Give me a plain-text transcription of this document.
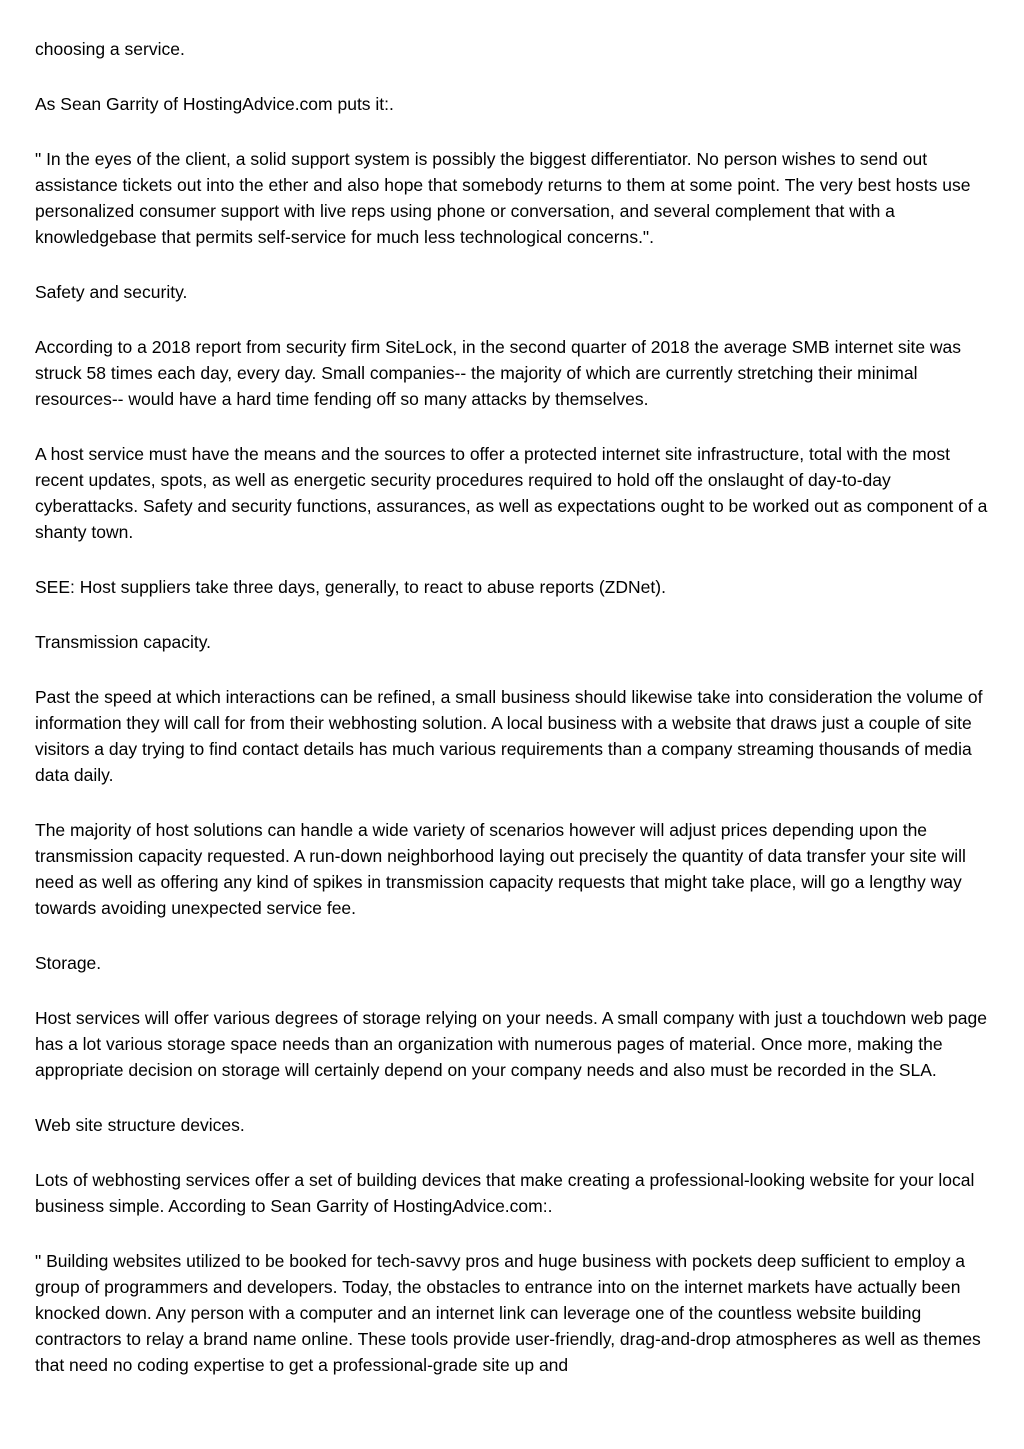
choosing a service.

As Sean Garrity of HostingAdvice.com puts it:.

" In the eyes of the client, a solid support system is possibly the biggest differentiator. No person wishes to send out assistance tickets out into the ether and also hope that somebody returns to them at some point. The very best hosts use personalized consumer support with live reps using phone or conversation, and several complement that with a knowledgebase that permits self-service for much less technological concerns.".

Safety and security.

According to a 2018 report from security firm SiteLock, in the second quarter of 2018 the average SMB internet site was struck 58 times each day, every day. Small companies-- the majority of which are currently stretching their minimal resources-- would have a hard time fending off so many attacks by themselves.

A host service must have the means and the sources to offer a protected internet site infrastructure, total with the most recent updates, spots, as well as energetic security procedures required to hold off the onslaught of day-to-day cyberattacks. Safety and security functions, assurances, as well as expectations ought to be worked out as component of a shanty town.

SEE: Host suppliers take three days, generally, to react to abuse reports (ZDNet).

Transmission capacity.

Past the speed at which interactions can be refined, a small business should likewise take into consideration the volume of information they will call for from their webhosting solution. A local business with a website that draws just a couple of site visitors a day trying to find contact details has much various requirements than a company streaming thousands of media data daily.

The majority of host solutions can handle a wide variety of scenarios however will adjust prices depending upon the transmission capacity requested. A run-down neighborhood laying out precisely the quantity of data transfer your site will need as well as offering any kind of spikes in transmission capacity requests that might take place, will go a lengthy way towards avoiding unexpected service fee.

Storage.

Host services will offer various degrees of storage relying on your needs. A small company with just a touchdown web page has a lot various storage space needs than an organization with numerous pages of material. Once more, making the appropriate decision on storage will certainly depend on your company needs and also must be recorded in the SLA.

Web site structure devices.

Lots of webhosting services offer a set of building devices that make creating a professional-looking website for your local business simple. According to Sean Garrity of HostingAdvice.com:.

" Building websites utilized to be booked for tech-savvy pros and huge business with pockets deep sufficient to employ a group of programmers and developers. Today, the obstacles to entrance into on the internet markets have actually been knocked down. Any person with a computer and an internet link can leverage one of the countless website building contractors to relay a brand name online. These tools provide user-friendly, drag-and-drop atmospheres as well as themes that need no coding expertise to get a professional-grade site up and
